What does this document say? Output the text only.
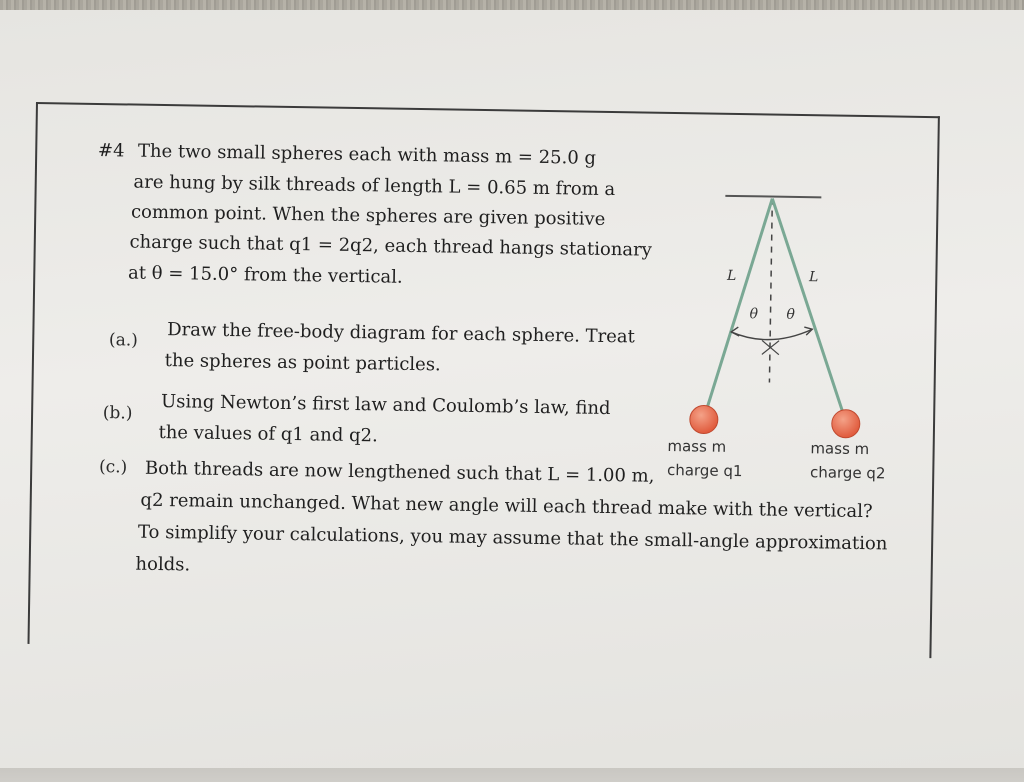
#4 The two small spheres each with mass m = 25.0 g
are hung by silk threads of length L = 0.65 m from a
common point. When the spheres are given positive
charge such that q1 = 2q2, each thread hangs stationary
at θ = 15.0° from the vertical.
(a.) Draw the free-body diagram for each sphere. Treat
the spheres as point particles.
(b.) Using Newton’s first law and Coulomb’s law, find
the values of q1 and q2.
(c.) Both threads are now lengthened such that L = 1.00 m,
q2 remain unchanged. What new angle will each thread make with the vertical?
To simplify your calculations, you may assume that the small-angle approximation
holds.
L	L
θ θ
mass m
charge q1
mass m
charge q2
